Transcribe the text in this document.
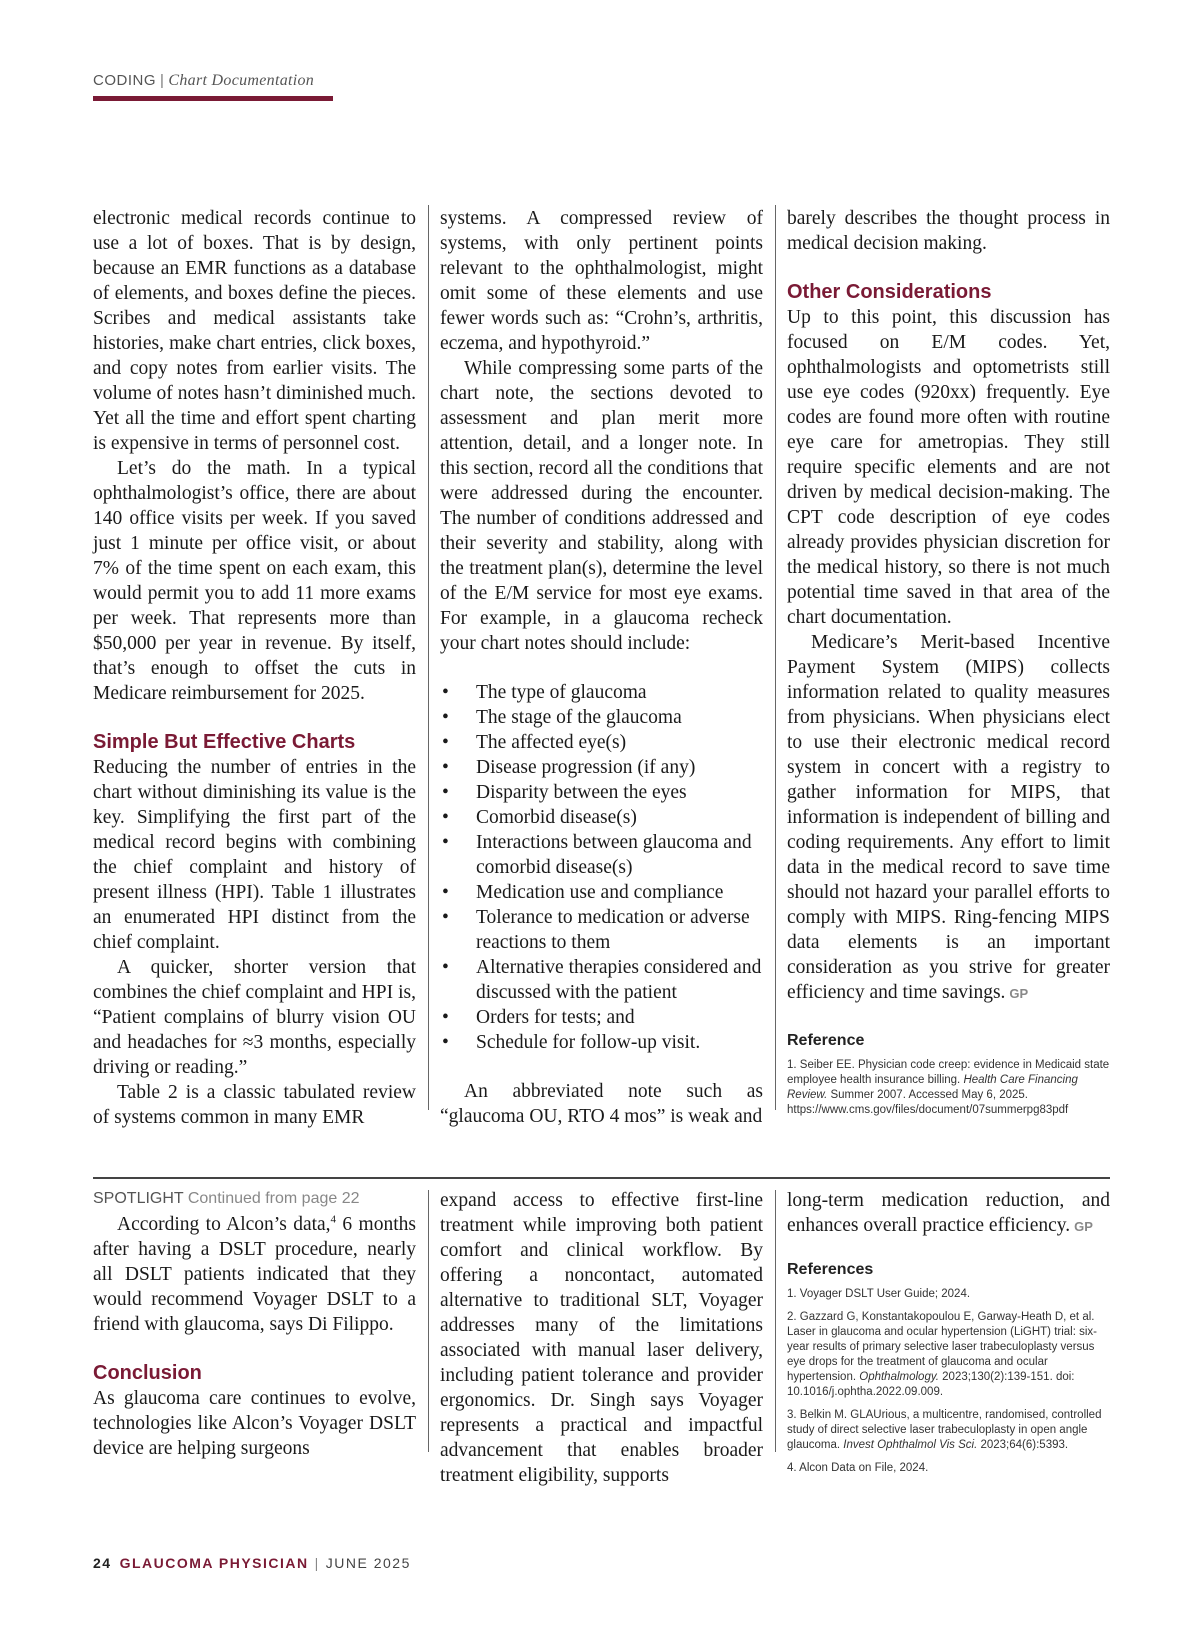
CODING | Chart Documentation

electronic medical records continue to use a lot of boxes. That is by design, because an EMR functions as a database of elements, and boxes define the pieces. Scribes and medical assistants take histories, make chart entries, click boxes, and copy notes from earlier visits. The volume of notes hasn’t diminished much. Yet all the time and effort spent charting is expensive in terms of personnel cost.

Let’s do the math. In a typical ophthalmologist’s office, there are about 140 office visits per week. If you saved just 1 minute per office visit, or about 7% of the time spent on each exam, this would permit you to add 11 more exams per week. That represents more than $50,000 per year in revenue. By itself, that’s enough to offset the cuts in Medicare reimbursement for 2025.

Simple But Effective Charts

Reducing the number of entries in the chart without diminishing its value is the key. Simplifying the first part of the medical record begins with combining the chief complaint and history of present illness (HPI). Table 1 illustrates an enumerated HPI distinct from the chief complaint.

A quicker, shorter version that combines the chief complaint and HPI is, “Patient complains of blurry vision OU and headaches for ≈3 months, especially driving or reading.”

Table 2 is a classic tabulated review of systems common in many EMR

systems. A compressed review of systems, with only pertinent points relevant to the ophthalmologist, might omit some of these elements and use fewer words such as: “Crohn’s, arthritis, eczema, and hypothyroid.”

While compressing some parts of the chart note, the sections devoted to assessment and plan merit more attention, detail, and a longer note. In this section, record all the conditions that were addressed during the encounter. The number of conditions addressed and their severity and stability, along with the treatment plan(s), determine the level of the E/M service for most eye exams. For example, in a glaucoma recheck your chart notes should include:

• The type of glaucoma
• The stage of the glaucoma
• The affected eye(s)
• Disease progression (if any)
• Disparity between the eyes
• Comorbid disease(s)
• Interactions between glaucoma and comorbid disease(s)
• Medication use and compliance
• Tolerance to medication or adverse reactions to them
• Alternative therapies considered and discussed with the patient
• Orders for tests; and
• Schedule for follow-up visit.

An abbreviated note such as “glaucoma OU, RTO 4 mos” is weak and

barely describes the thought process in medical decision making.

Other Considerations

Up to this point, this discussion has focused on E/M codes. Yet, ophthalmologists and optometrists still use eye codes (920xx) frequently. Eye codes are found more often with routine eye care for ametropias. They still require specific elements and are not driven by medical decision-making. The CPT code description of eye codes already provides physician discretion for the medical history, so there is not much potential time saved in that area of the chart documentation.

Medicare’s Merit-based Incentive Payment System (MIPS) collects information related to quality measures from physicians. When physicians elect to use their electronic medical record system in concert with a registry to gather information for MIPS, that information is independent of billing and coding requirements. Any effort to limit data in the medical record to save time should not hazard your parallel efforts to comply with MIPS. Ring-fencing MIPS data elements is an important consideration as you strive for greater efficiency and time savings. GP

Reference
1. Seiber EE. Physician code creep: evidence in Medicaid state employee health insurance billing. Health Care Financing Review. Summer 2007. Accessed May 6, 2025. https://www.cms.gov/files/document/07summerpg83pdf
SPOTLIGHT Continued from page 22

According to Alcon’s data,$^4$ 6 months after having a DSLT procedure, nearly all DSLT patients indicated that they would recommend Voyager DSLT to a friend with glaucoma, says Di Filippo.

Conclusion

As glaucoma care continues to evolve, technologies like Alcon’s Voyager DSLT device are helping surgeons

expand access to effective first-line treatment while improving both patient comfort and clinical workflow. By offering a noncontact, automated alternative to traditional SLT, Voyager addresses many of the limitations associated with manual laser delivery, including patient tolerance and provider ergonomics. Dr. Singh says Voyager represents a practical and impactful advancement that enables broader treatment eligibility, supports

long-term medication reduction, and enhances overall practice efficiency. GP

References
1. Voyager DSLT User Guide; 2024.
2. Gazzard G, Konstantakopoulou E, Garway-Heath D, et al. Laser in glaucoma and ocular hypertension (LiGHT) trial: six-year results of primary selective laser trabeculoplasty versus eye drops for the treatment of glaucoma and ocular hypertension. Ophthalmology. 2023;130(2):139-151. doi: 10.1016/j.ophtha.2022.09.009.
3. Belkin M. GLAUrious, a multicentre, randomised, controlled study of direct selective laser trabeculoplasty in open angle glaucoma. Invest Ophthalmol Vis Sci. 2023;64(6):5393.
4. Alcon Data on File, 2024.
24 GLAUCOMA PHYSICIAN | JUNE 2025
